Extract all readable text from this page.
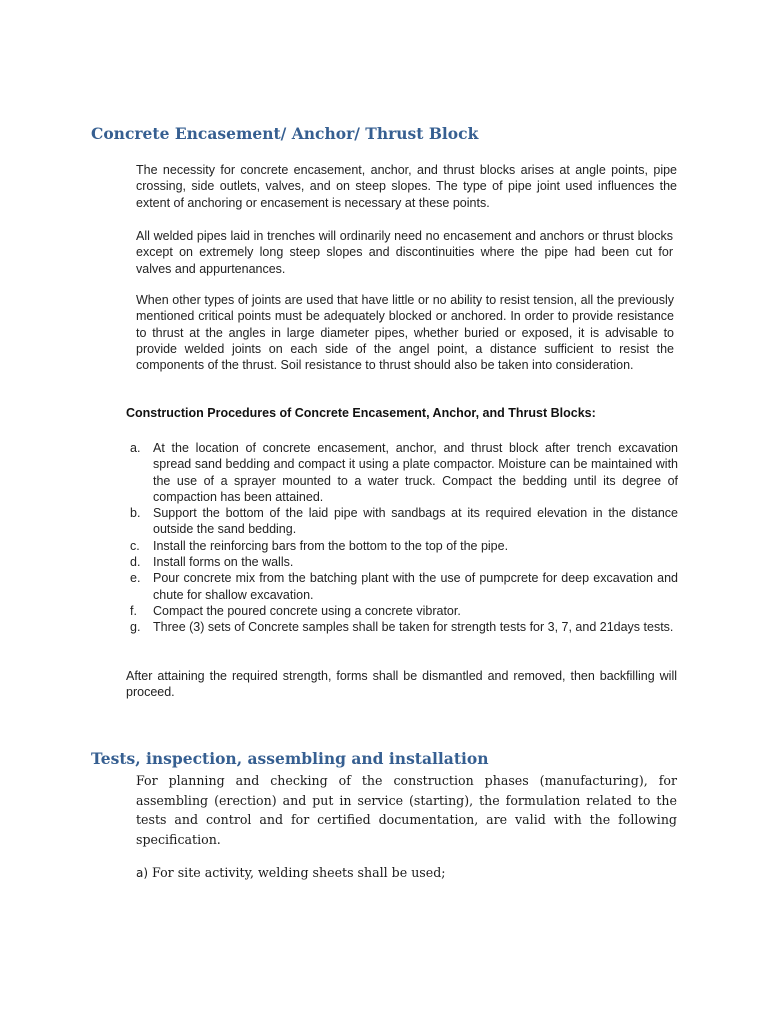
Concrete Encasement/ Anchor/ Thrust Block

The necessity for concrete encasement, anchor, and thrust blocks arises at angle points, pipe crossing, side outlets, valves, and on steep slopes. The type of pipe joint used influences the extent of anchoring or encasement is necessary at these points.

All welded pipes laid in trenches will ordinarily need no encasement and anchors or thrust blocks except on extremely long steep slopes and discontinuities where the pipe had been cut for valves and appurtenances.

When other types of joints are used that have little or no ability to resist tension, all the previously mentioned critical points must be adequately blocked or anchored. In order to provide resistance to thrust at the angles in large diameter pipes, whether buried or exposed, it is advisable to provide welded joints on each side of the angel point, a distance sufficient to resist the components of the thrust. Soil resistance to thrust should also be taken into consideration.

Construction Procedures of Concrete Encasement, Anchor, and Thrust Blocks:
a.	At the location of concrete encasement, anchor, and thrust block after trench excavation spread sand bedding and compact it using a plate compactor. Moisture can be maintained with the use of a sprayer mounted to a water truck. Compact the bedding until its degree of compaction has been attained.
b.	Support the bottom of the laid pipe with sandbags at its required elevation in the distance outside the sand bedding.
c.	Install the reinforcing bars from the bottom to the top of the pipe.
d.	Install forms on the walls.
e.	Pour concrete mix from the batching plant with the use of pumpcrete for deep excavation and chute for shallow excavation.
f.	Compact the poured concrete using a concrete vibrator.
g.	Three (3) sets of Concrete samples shall be taken for strength tests for 3, 7, and 21days tests.

After attaining the required strength, forms shall be dismantled and removed, then backfilling will proceed.

Tests, inspection, assembling and installation

For planning and checking of the construction phases (manufacturing), for assembling (erection) and put in service (starting), the formulation related to the tests and control and for certified documentation, are valid with the following specification.

a) For site activity, welding sheets shall be used;
